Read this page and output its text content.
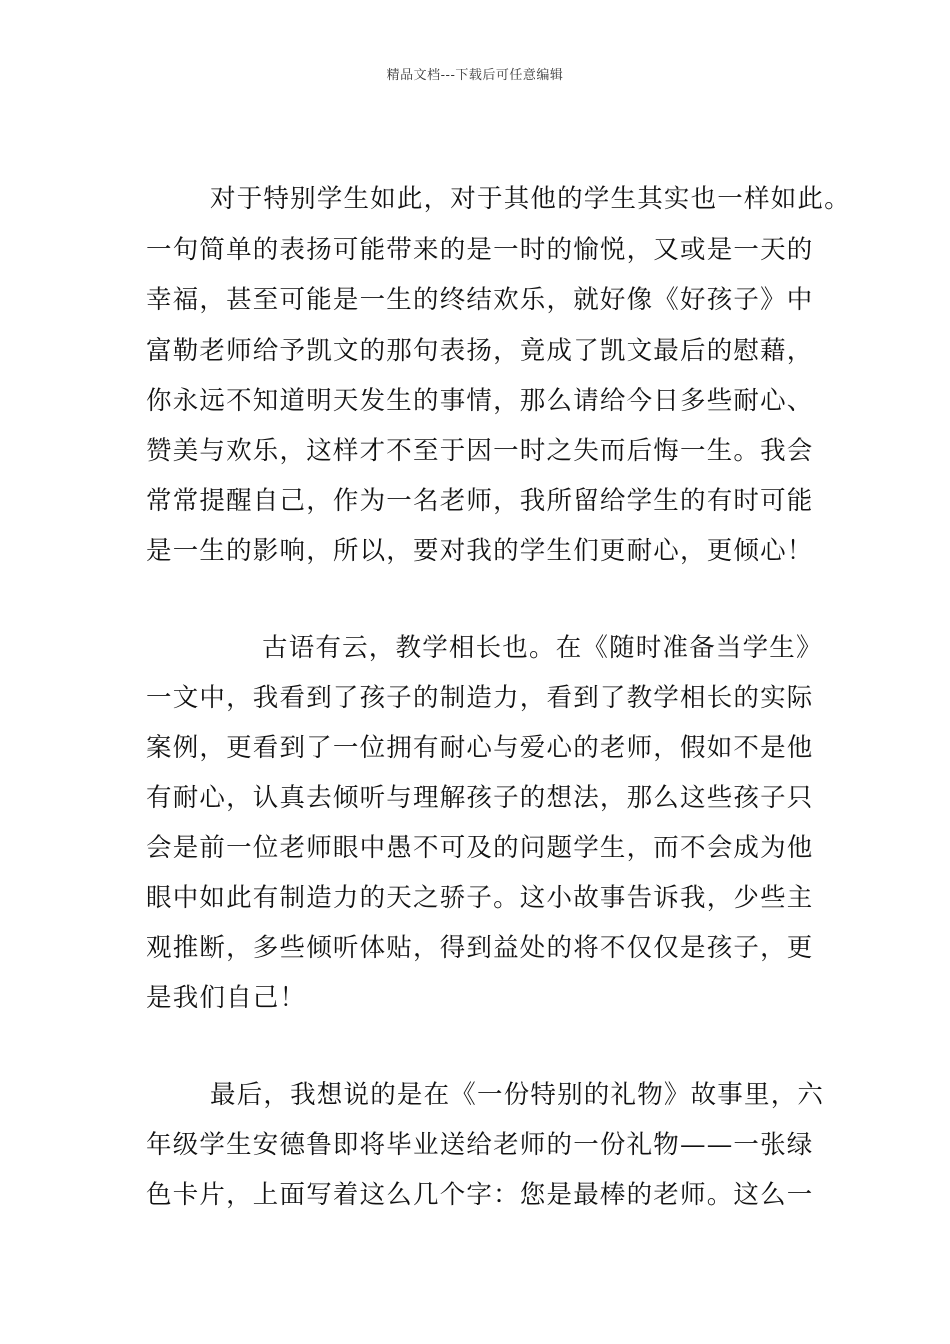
精品文档---下载后可任意编辑
对于特别学生如此，对于其他的学生其实也一样如此。
一句简单的表扬可能带来的是一时的愉悦，又或是一天的
幸福，甚至可能是一生的终结欢乐，就好像《好孩子》中
富勒老师给予凯文的那句表扬，竟成了凯文最后的慰藉，
你永远不知道明天发生的事情，那么请给今日多些耐心、
赞美与欢乐，这样才不至于因一时之失而后悔一生。我会
常常提醒自己，作为一名老师，我所留给学生的有时可能
是一生的影响，所以，要对我的学生们更耐心，更倾心！
古语有云，教学相长也。在《随时准备当学生》
一文中，我看到了孩子的制造力，看到了教学相长的实际
案例，更看到了一位拥有耐心与爱心的老师，假如不是他
有耐心，认真去倾听与理解孩子的想法，那么这些孩子只
会是前一位老师眼中愚不可及的问题学生，而不会成为他
眼中如此有制造力的天之骄子。这小故事告诉我，少些主
观推断，多些倾听体贴，得到益处的将不仅仅是孩子，更
是我们自己！
最后，我想说的是在《一份特别的礼物》故事里，六
年级学生安德鲁即将毕业送给老师的一份礼物——一张绿
色卡片，上面写着这么几个字：您是最棒的老师。这么一
